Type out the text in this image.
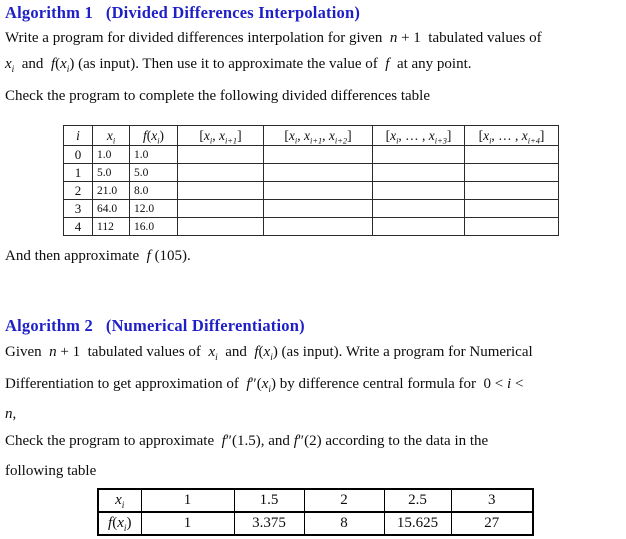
Algorithm 1   (Divided Differences Interpolation)
Write a program for divided differences interpolation for given  n + 1  tabulated values of
$x_i$  and  $f(x_i)$ (as input). Then use it to approximate the value of  f  at any point.
Check the program to complete the following divided differences table
i	$x_i$	$f(x_i)$	[$x_i$, $x_{i+1}$]	[$x_i$, $x_{i+1}$, $x_{i+2}$]	[$x_i$, … , $x_{i+3}$]	[$x_i$, … , $x_{i+4}$]
0	1.0	1.0				
1	5.0	5.0				
2	21.0	8.0				
3	64.0	12.0				
4	112	16.0				
And then approximate  f (105).
Algorithm 2   (Numerical Differentiation)
Given  n + 1  tabulated values of  $x_i$  and  $f(x_i)$ (as input). Write a program for Numerical
Differentiation to get approximation of  $f''(x_i)$ by difference central formula for  0 < i <
n,
Check the program to approximate  f″(1.5), and f″(2) according to the data in the
following table
$x_i$	1	1.5	2	2.5	3
$f(x_i)$	1	3.375	8	15.625	27
